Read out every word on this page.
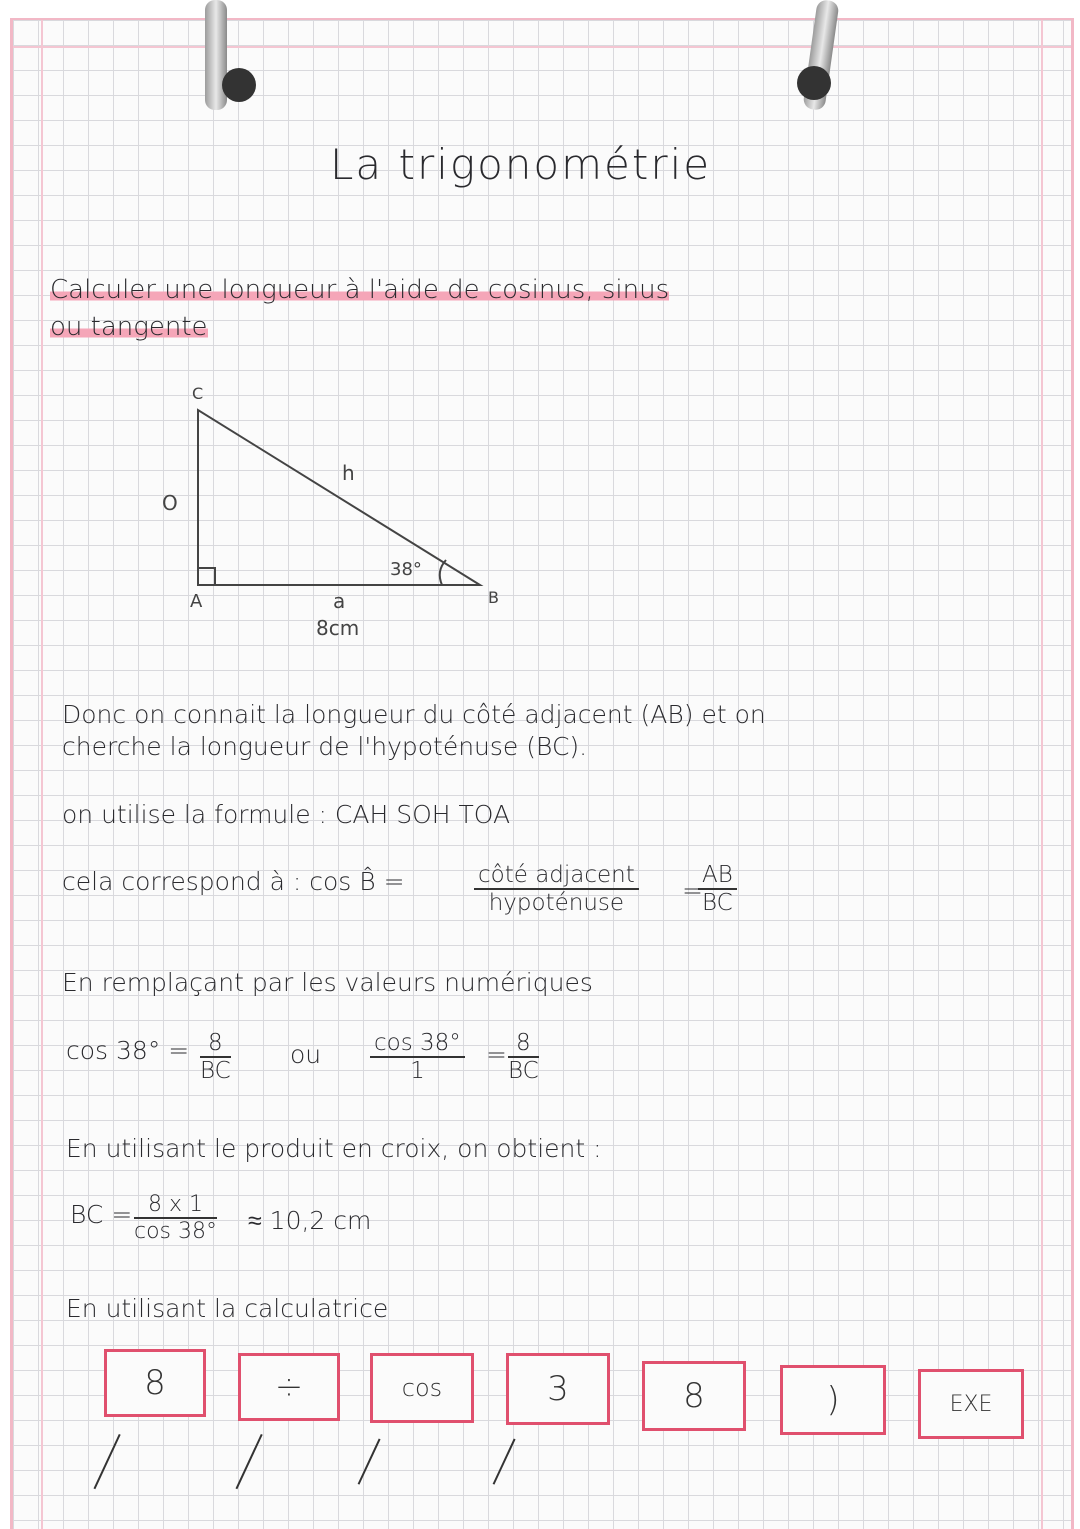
La trigonométrie
Calculer une longueur à l'aide de cosinus, sinus
ou tangente
C
A	B
O
h
a
8cm
38°
Donc on connait la longueur du côté adjacent (AB) et on
cherche la longueur de l'hypoténuse (BC).
on utilise la formule : CAH SOH TOA
cela correspond à : cos B̂ =	côté adjacent
hypoténuse	=
$\frac{AB}{BC}$
En remplaçant par les valeurs numériques
$\cos 38^\circ = \frac{8}{BC}$ ou $\frac{\cos 38^\circ}{1} = \frac{8}{BC}$
En utilisant le produit en croix, on obtient :
BC = $\frac{8 x 1}{\cos 38^\circ} \approx 10,2$ cm
En utilisant la calculatrice
8	÷	cos	3	8	)	EXE
